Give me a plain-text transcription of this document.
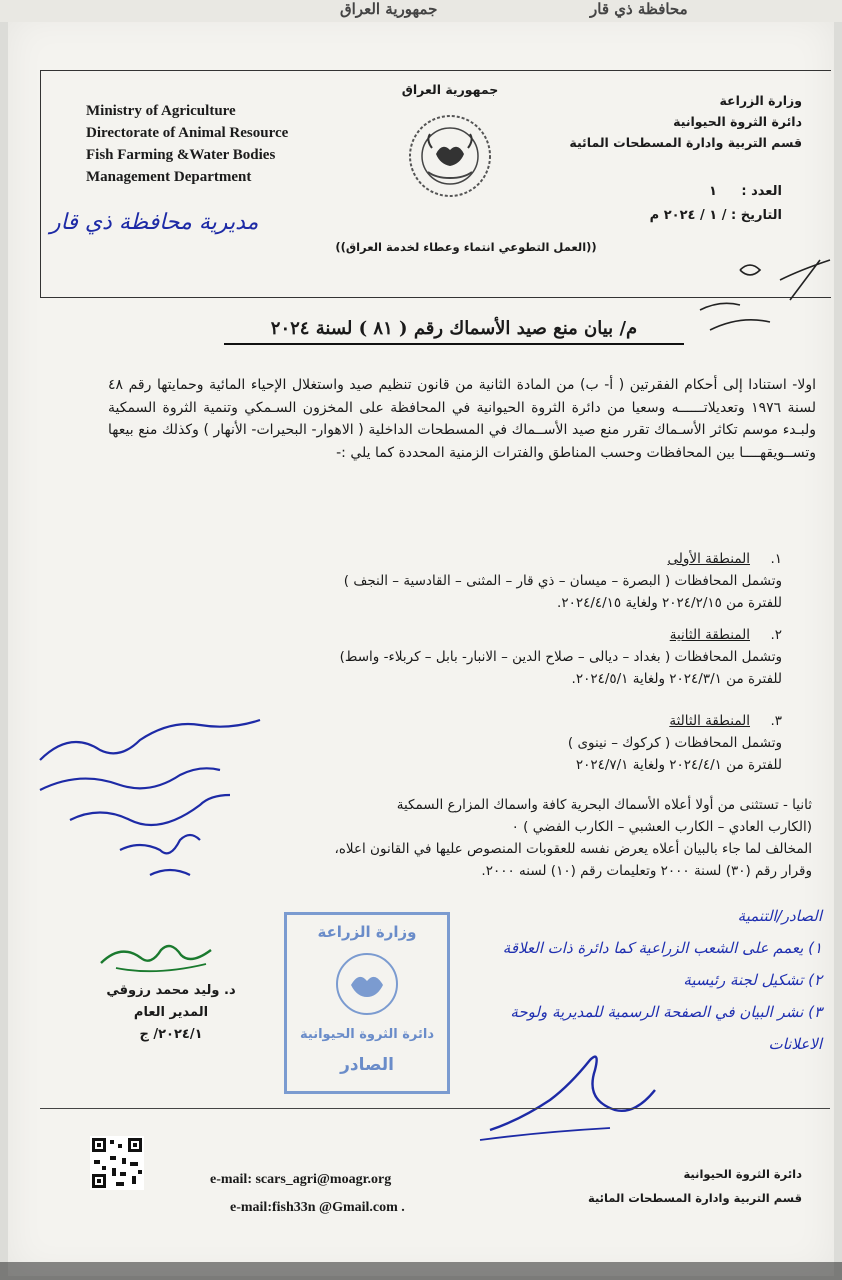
جمهورية العراق	محافظة ذي قار
Ministry of Agriculture
Directorate of Animal Resource
Fish Farming &Water Bodies
Management Department
جمهورية العراق
وزارة الزراعة
دائرة الثروة الحيوانية
قسم التربية وادارة المسطحات المائية
العدد : ١
التاريخ : / ١ / ٢٠٢٤ م
((العمل التطوعي انتماء وعطاء لخدمة العراق))
مديرية محافظة ذي قار
م/ بيان منع صيد الأسماك رقم ( ٨١ ) لسنة ٢٠٢٤
اولا- استنادا إلى أحكام الفقرتين ( أ- ب) من المادة الثانية من قانون تنظيم صيد واستغلال الإحياء المائية وحمايتها رقم ٤٨ لسنة ١٩٧٦ وتعديلاتــــــه وسعيا من دائرة الثروة الحيوانية في المحافظة على المخزون السـمكي وتنمية الثروة السمكية ولبـدء موسم تكاثر الأسـماك تقرر منع صيد الأســماك في المسطحات الداخلية ( الاهوار- البحيرات- الأنهار ) وكذلك منع بيعها وتســويقهــــا بين المحافظات وحسب المناطق والفترات الزمنية المحددة كما يلي :-
١.المنطقة الأولى
وتشمل المحافظات ( البصرة – ميسان – ذي قار – المثنى – القادسية – النجف )
للفترة من ٢٠٢٤/٢/١٥ ولغاية ٢٠٢٤/٤/١٥.
٢.المنطقة الثانية
وتشمل المحافظات ( بغداد – ديالى – صلاح الدين – الانبار- بابل – كربلاء- واسط)
للفترة من ٢٠٢٤/٣/١ ولغاية ٢٠٢٤/٥/١.
٣.المنطقة الثالثة
وتشمل المحافظات ( كركوك – نينوى )
للفترة من ٢٠٢٤/٤/١ ولغاية ٢٠٢٤/٧/١
ثانيا - تستثنى من أولا أعلاه الأسماك البحرية كافة واسماك المزارع السمكية
(الكارب العادي – الكارب العشبي – الكارب الفضي ) ٠
المخالف لما جاء بالبيان أعلاه يعرض نفسه للعقوبات المنصوص عليها في القانون اعلاه،
وقرار رقم (٣٠) لسنة ٢٠٠٠ وتعليمات رقم (١٠) لسنه ٢٠٠٠.
د. وليد محمد رزوقي
المدير العام
٢٠٢٤/١/ ج
وزارة الزراعة
دائرة الثروة الحيوانية
الصادر
الصادر/التنمية
١) يعمم على الشعب الزراعية كما دائرة ذات العلاقة
٢) تشكيل لجنة رئيسية
٣) نشر البيان في الصفحة الرسمية للمديرية ولوحة الاعلانات
e-mail: scars_agri@moagr.org
e-mail:fish33n @Gmail.com .
دائرة الثروة الحيوانية
قسم التربية وادارة المسطحات المائية
